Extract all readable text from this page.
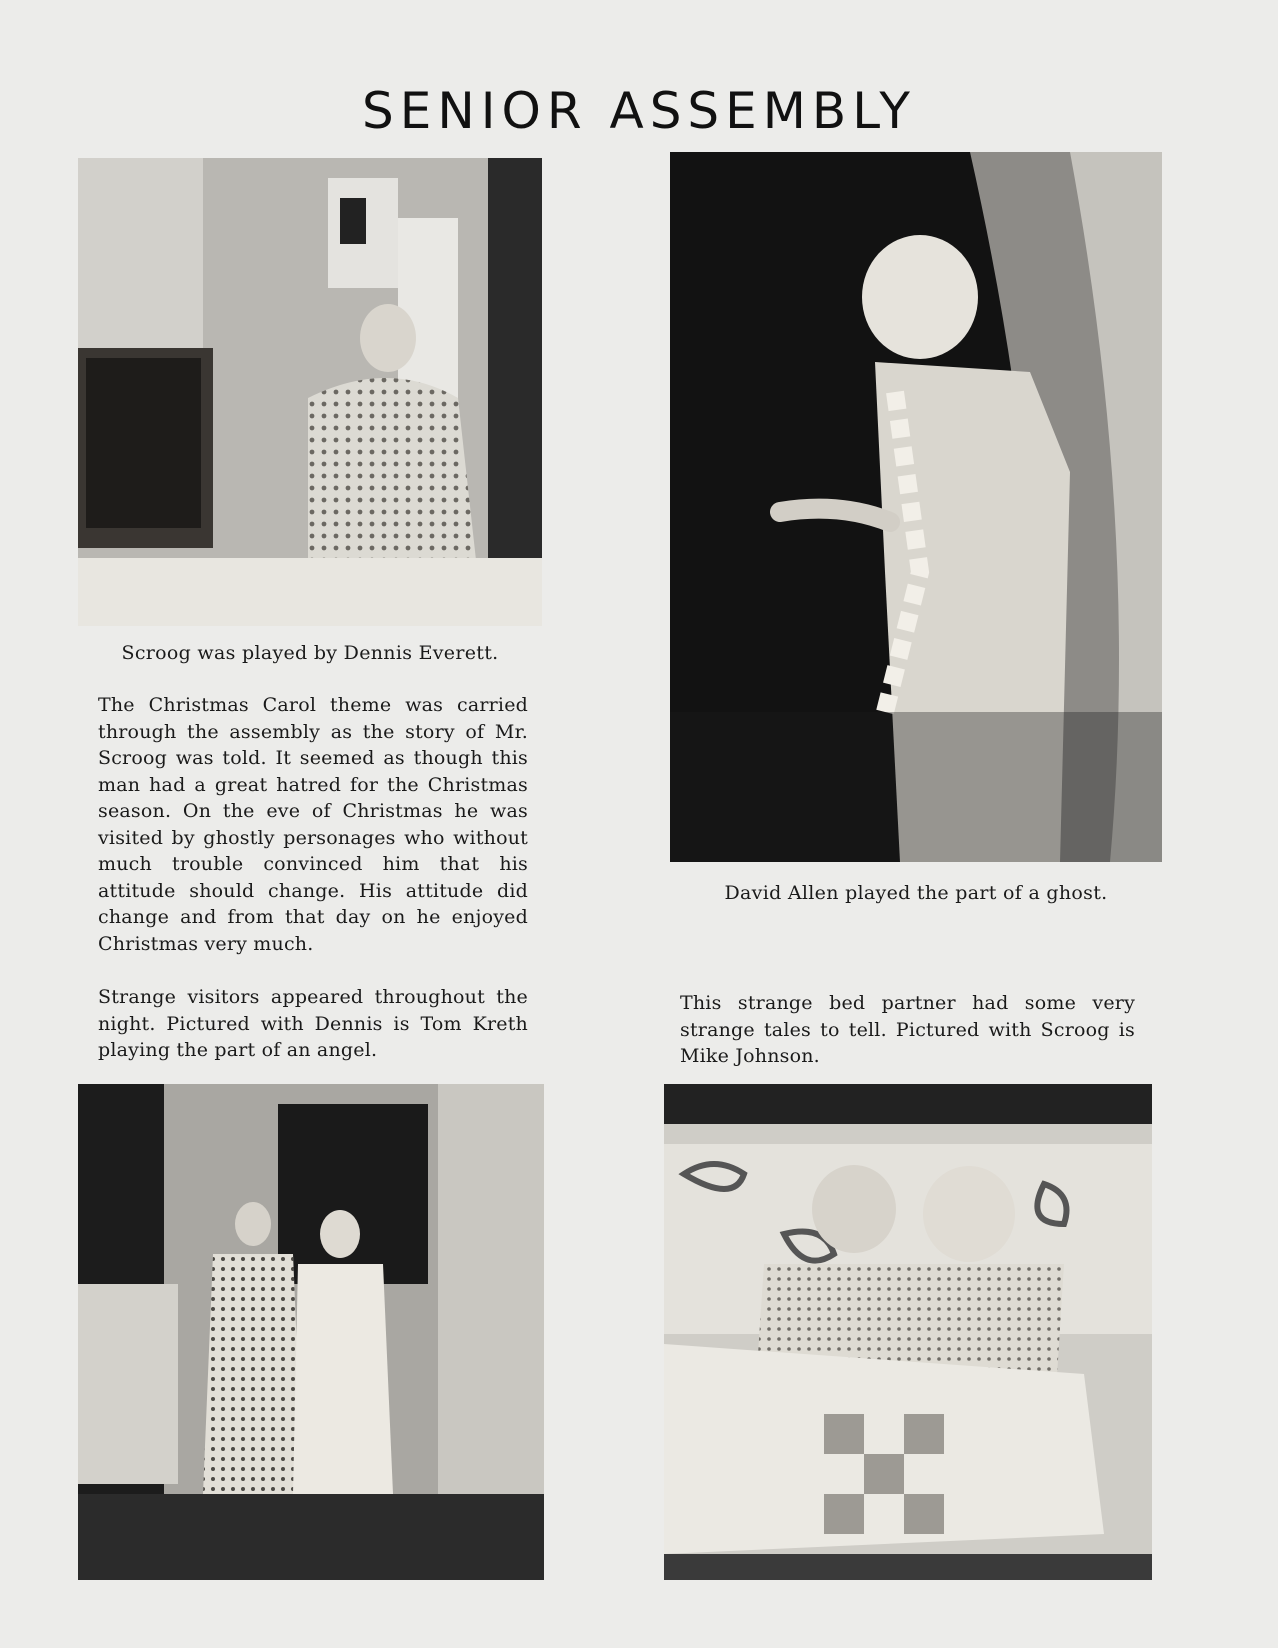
SENIOR ASSEMBLY
Scroog was played by Dennis Everett.
The Christmas Carol theme was carried through the assembly as the story of Mr. Scroog was told. It seemed as though this man had a great hatred for the Christmas season. On the eve of Christmas he was visited by ghostly personages who without much trouble convinced him that his attitude should change. His attitude did change and from that day on he enjoyed Christmas very much.
Strange visitors appeared throughout the night. Pictured with Dennis is Tom Kreth playing the part of an angel.
David Allen played the part of a ghost.
This strange bed partner had some very strange tales to tell. Pictured with Scroog is Mike Johnson.
